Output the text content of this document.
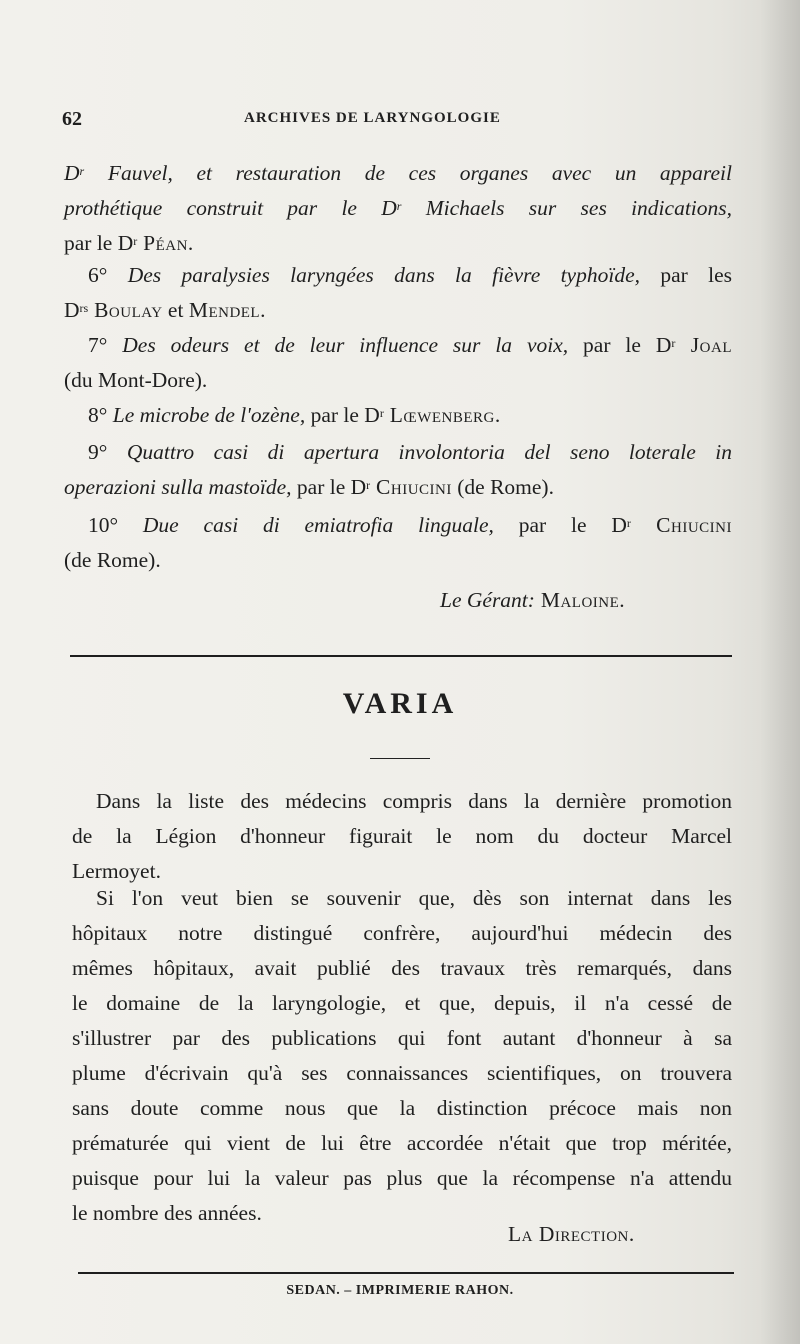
62	ARCHIVES DE LARYNGOLOGIE
$D^r$ Fauvel, et restauration de ces organes avec un appareil
prothétique construit par le $D^r$ Michaels sur ses indications,
par le $D^r$ Péan.
6° Des paralysies laryngées dans la fièvre typhoïde, par les
$D^{rs}$ Boulay et Mendel.
7° Des odeurs et de leur influence sur la voix, par le $D^r$ Joal
(du Mont-Dore).
8° Le microbe de l'ozène, par le $D^r$ Lœwenberg.
9° Quattro casi di apertura involontoria del seno loterale in
operazioni sulla mastoïde, par le $D^r$ Chiucini (de Rome).
10° Due casi di emiatrofia linguale, par le $D^r$ Chiucini
(de Rome).
Le Gérant: Maloine.
VARIA
Dans la liste des médecins compris dans la dernière promotion
de la Légion d'honneur figurait le nom du docteur Marcel
Lermoyet.
Si l'on veut bien se souvenir que, dès son internat dans les
hôpitaux notre distingué confrère, aujourd'hui médecin des
mêmes hôpitaux, avait publié des travaux très remarqués, dans
le domaine de la laryngologie, et que, depuis, il n'a cessé de
s'illustrer par des publications qui font autant d'honneur à sa
plume d'écrivain qu'à ses connaissances scientifiques, on trouvera
sans doute comme nous que la distinction précoce mais non
prématurée qui vient de lui être accordée n'était que trop méritée,
puisque pour lui la valeur pas plus que la récompense n'a attendu
le nombre des années.
La Direction.
SEDAN. – IMPRIMERIE RAHON.
